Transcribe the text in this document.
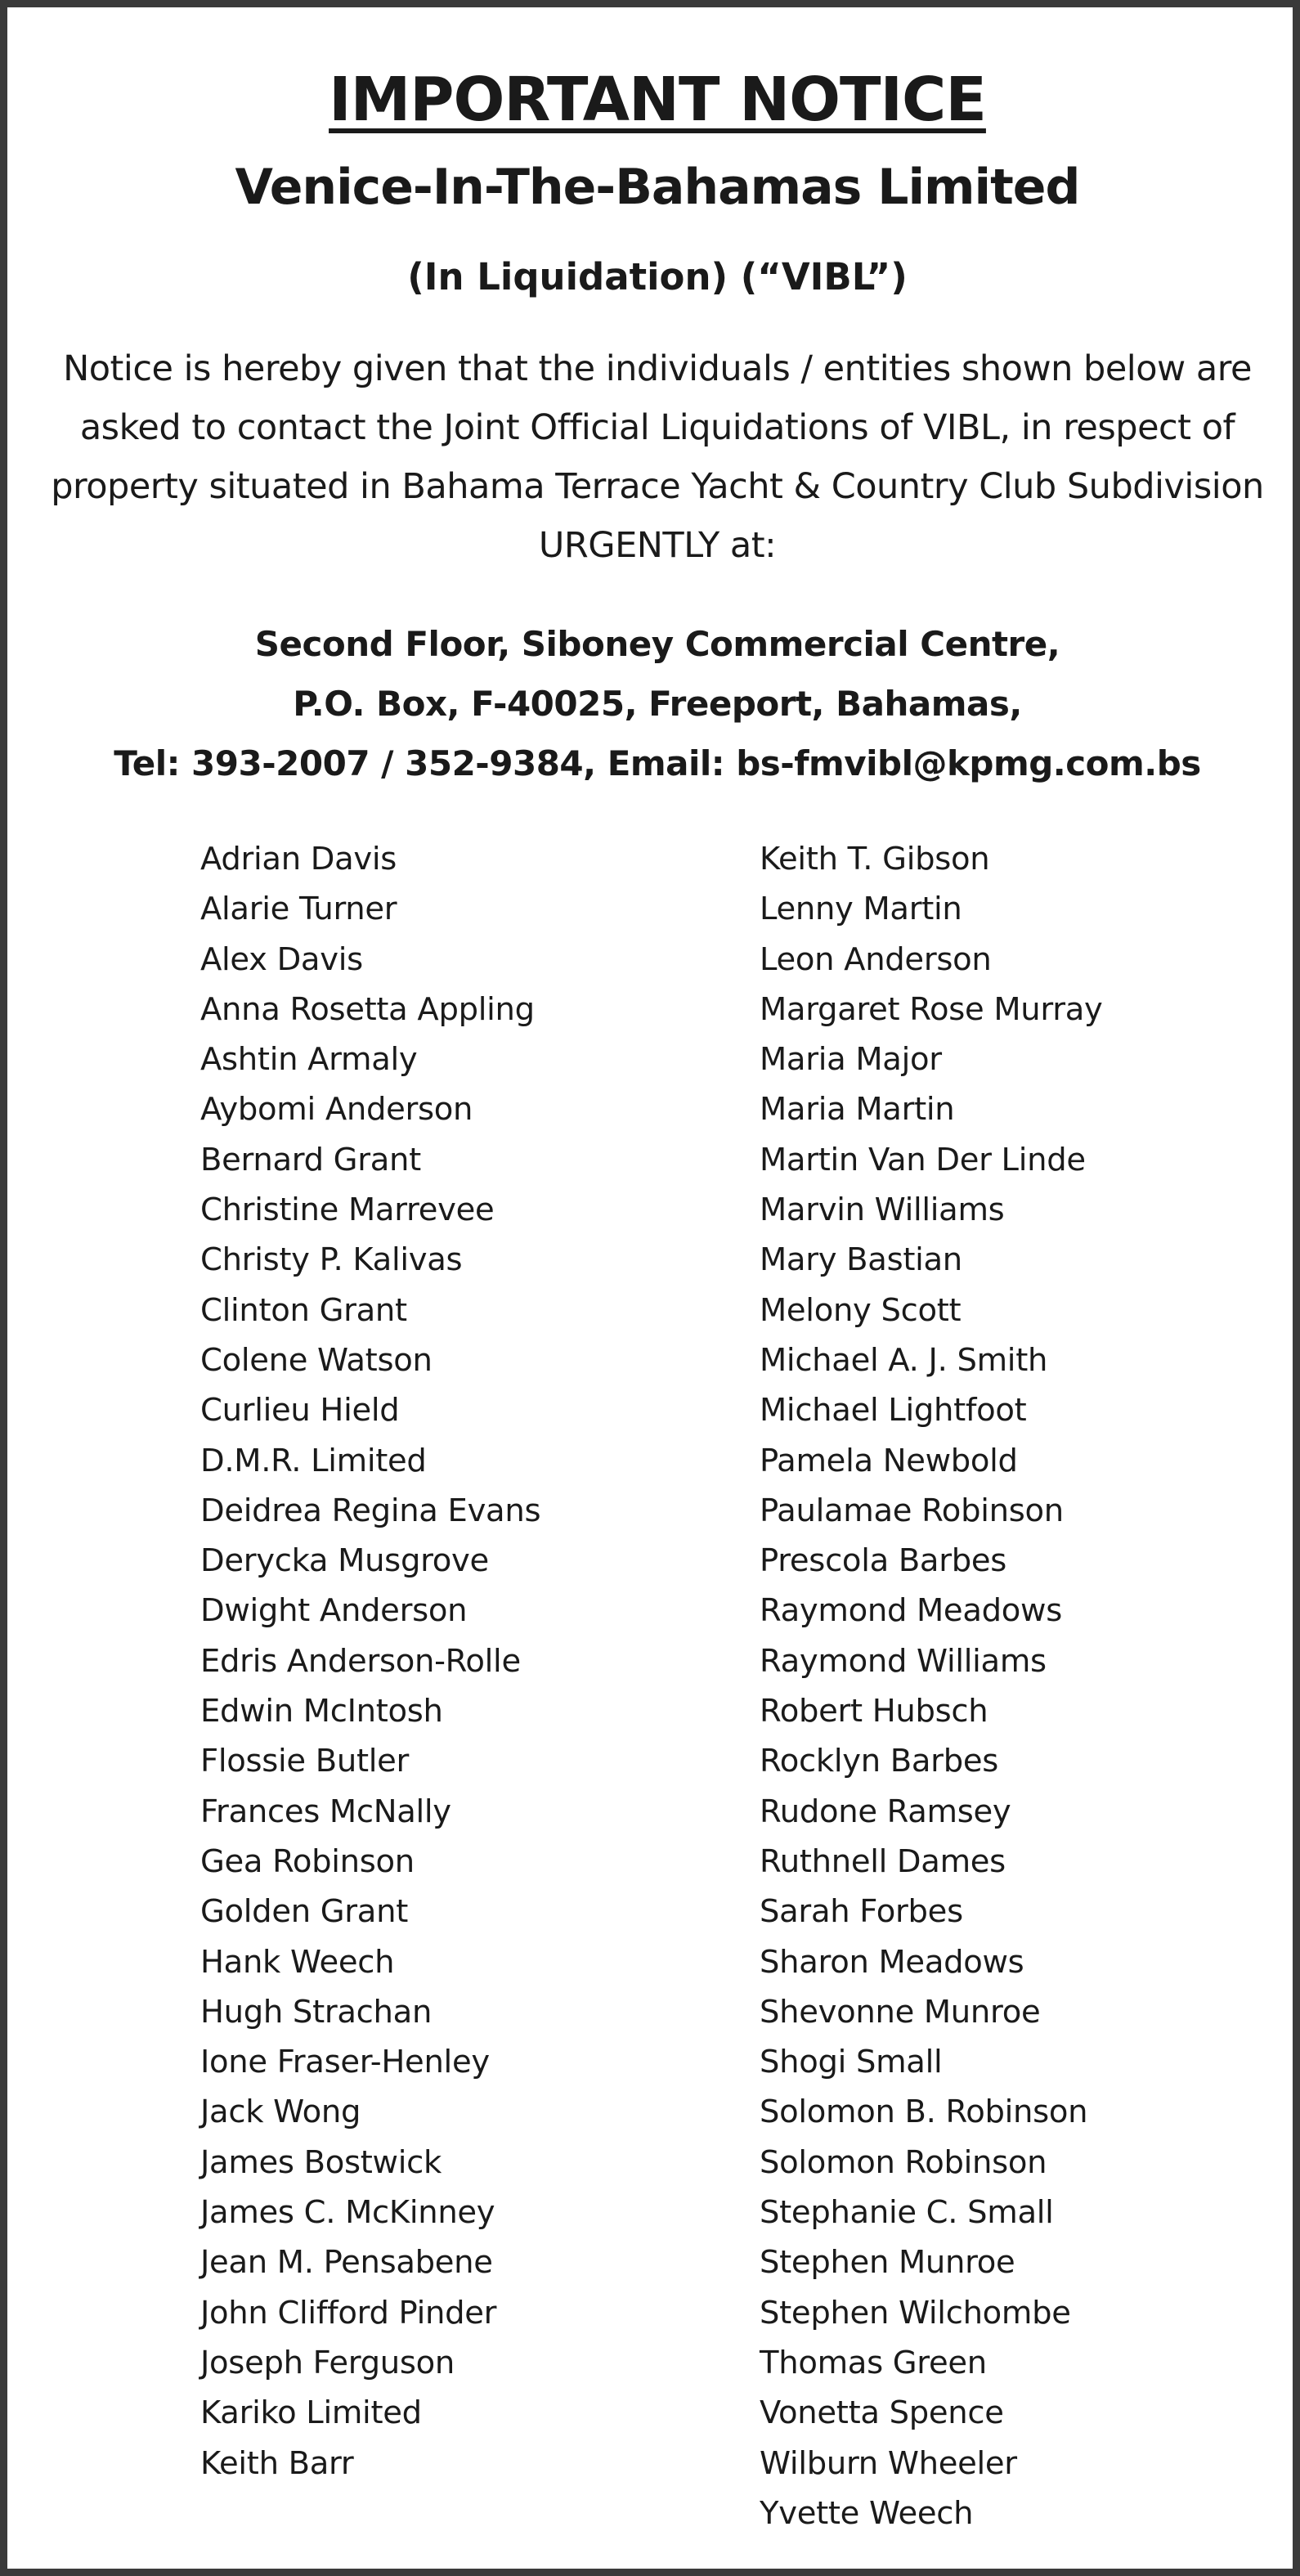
IMPORTANT NOTICE
Venice-In-The-Bahamas Limited
(In Liquidation) (“VIBL”)
Notice is hereby given that the individuals / entities shown below are asked to contact the Joint Official Liquidations of VIBL, in respect of property situated in Bahama Terrace Yacht & Country Club Subdivision URGENTLY at:
Second Floor, Siboney Commercial Centre,
P.O. Box, F-40025, Freeport, Bahamas,
Tel: 393-2007 / 352-9384, Email: bs-fmvibl@kpmg.com.bs
Adrian Davis
Alarie Turner
Alex Davis
Anna Rosetta Appling
Ashtin Armaly
Aybomi Anderson
Bernard Grant
Christine Marrevee
Christy P. Kalivas
Clinton Grant
Colene Watson
Curlieu Hield
D.M.R. Limited
Deidrea Regina Evans
Derycka Musgrove
Dwight Anderson
Edris Anderson-Rolle
Edwin McIntosh
Flossie Butler
Frances McNally
Gea Robinson
Golden Grant
Hank Weech
Hugh Strachan
Ione Fraser-Henley
Jack Wong
James Bostwick
James C. McKinney
Jean M. Pensabene
John Clifford Pinder
Joseph Ferguson
Kariko Limited
Keith Barr
Keith T. Gibson
Lenny Martin
Leon Anderson
Margaret Rose Murray
Maria Major
Maria Martin
Martin Van Der Linde
Marvin Williams
Mary Bastian
Melony Scott
Michael A. J. Smith
Michael Lightfoot
Pamela Newbold
Paulamae Robinson
Prescola Barbes
Raymond Meadows
Raymond Williams
Robert Hubsch
Rocklyn Barbes
Rudone Ramsey
Ruthnell Dames
Sarah Forbes
Sharon Meadows
Shevonne Munroe
Shogi Small
Solomon B. Robinson
Solomon Robinson
Stephanie C. Small
Stephen Munroe
Stephen Wilchombe
Thomas Green
Vonetta Spence
Wilburn Wheeler
Yvette Weech
